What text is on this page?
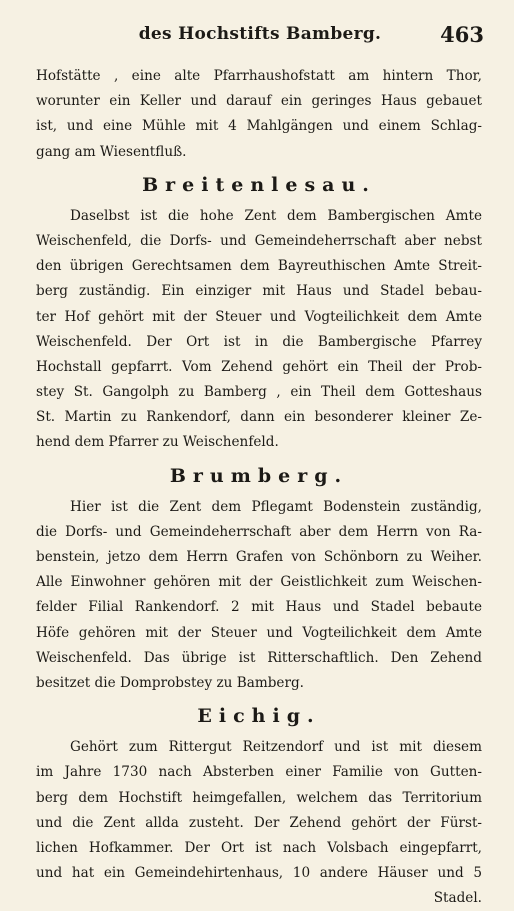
des Hochstifts Bamberg.	463
Hofstätte , eine alte Pfarrhaushofstatt am hintern Thor,
worunter ein Keller und darauf ein geringes Haus gebauet
ist, und eine Mühle mit 4 Mahlgängen und einem Schlag-
gang am Wiesentfluß.
Breitenlesau.
Daselbst ist die hohe Zent dem Bambergischen Amte
Weischenfeld, die Dorfs- und Gemeindeherrschaft aber nebst
den übrigen Gerechtsamen dem Bayreuthischen Amte Streit-
berg zuständig. Ein einziger mit Haus und Stadel bebau-
ter Hof gehört mit der Steuer und Vogteilichkeit dem Amte
Weischenfeld. Der Ort ist in die Bambergische Pfarrey
Hochstall gepfarrt. Vom Zehend gehört ein Theil der Prob-
stey St. Gangolph zu Bamberg , ein Theil dem Gotteshaus
St. Martin zu Rankendorf, dann ein besonderer kleiner Ze-
hend dem Pfarrer zu Weischenfeld.
Brumberg.
Hier ist die Zent dem Pflegamt Bodenstein zuständig,
die Dorfs- und Gemeindeherrschaft aber dem Herrn von Ra-
benstein, jetzo dem Herrn Grafen von Schönborn zu Weiher.
Alle Einwohner gehören mit der Geistlichkeit zum Weischen-
felder Filial Rankendorf. 2 mit Haus und Stadel bebaute
Höfe gehören mit der Steuer und Vogteilichkeit dem Amte
Weischenfeld. Das übrige ist Ritterschaftlich. Den Zehend
besitzet die Domprobstey zu Bamberg.
Eichig.
Gehört zum Rittergut Reitzendorf und ist mit diesem
im Jahre 1730 nach Absterben einer Familie von Gutten-
berg dem Hochstift heimgefallen, welchem das Territorium
und die Zent allda zusteht. Der Zehend gehört der Fürst-
lichen Hofkammer. Der Ort ist nach Volsbach eingepfarrt,
und hat ein Gemeindehirtenhaus, 10 andere Häuser und 5
Stadel.
